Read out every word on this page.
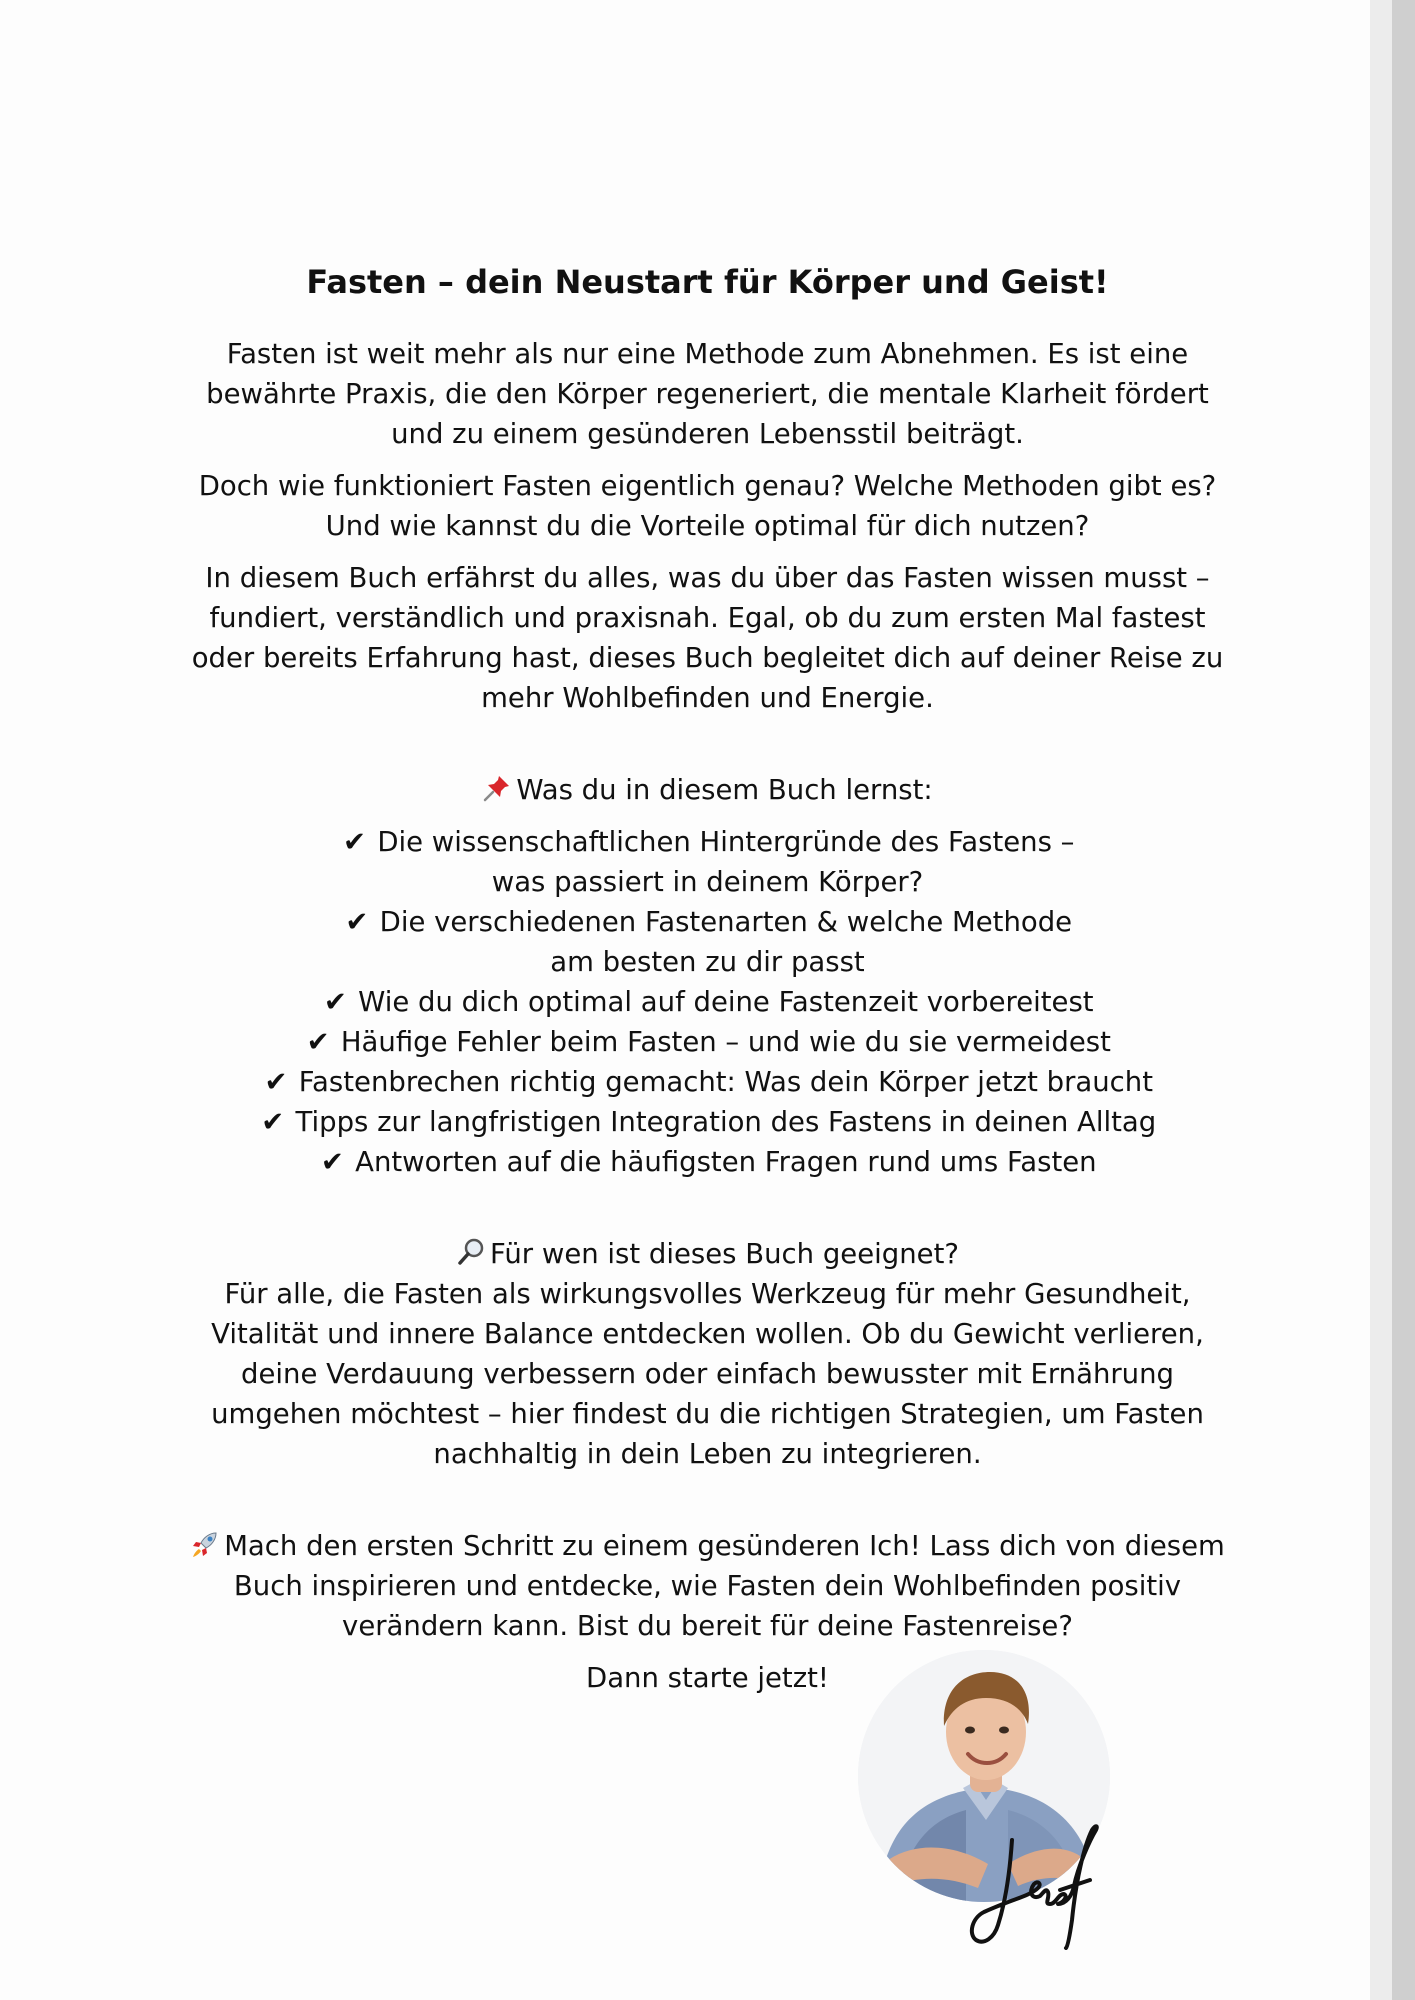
Fasten – dein Neustart für Körper und Geist!

Fasten ist weit mehr als nur eine Methode zum Abnehmen. Es ist eine bewährte Praxis, die den Körper regeneriert, die mentale Klarheit fördert und zu einem gesünderen Lebensstil beiträgt.

Doch wie funktioniert Fasten eigentlich genau? Welche Methoden gibt es? Und wie kannst du die Vorteile optimal für dich nutzen?

In diesem Buch erfährst du alles, was du über das Fasten wissen musst – fundiert, verständlich und praxisnah. Egal, ob du zum ersten Mal fastest oder bereits Erfahrung hast, dieses Buch begleitet dich auf deiner Reise zu mehr Wohlbefinden und Energie.

Was du in diesem Buch lernst:

✔ Die wissenschaftlichen Hintergründe des Fastens –
was passiert in deinem Körper?
✔ Die verschiedenen Fastenarten & welche Methode
am besten zu dir passt
✔ Wie du dich optimal auf deine Fastenzeit vorbereitest
✔ Häufige Fehler beim Fasten – und wie du sie vermeidest
✔ Fastenbrechen richtig gemacht: Was dein Körper jetzt braucht
✔ Tipps zur langfristigen Integration des Fastens in deinen Alltag
✔ Antworten auf die häufigsten Fragen rund ums Fasten

Für wen ist dieses Buch geeignet?

Für alle, die Fasten als wirkungsvolles Werkzeug für mehr Gesundheit, Vitalität und innere Balance entdecken wollen. Ob du Gewicht verlieren, deine Verdauung verbessern oder einfach bewusster mit Ernährung umgehen möchtest – hier findest du die richtigen Strategien, um Fasten nachhaltig in dein Leben zu integrieren.

Mach den ersten Schritt zu einem gesünderen Ich! Lass dich von diesem Buch inspirieren und entdecke, wie Fasten dein Wohlbefinden positiv verändern kann. Bist du bereit für deine Fastenreise?

Dann starte jetzt!
